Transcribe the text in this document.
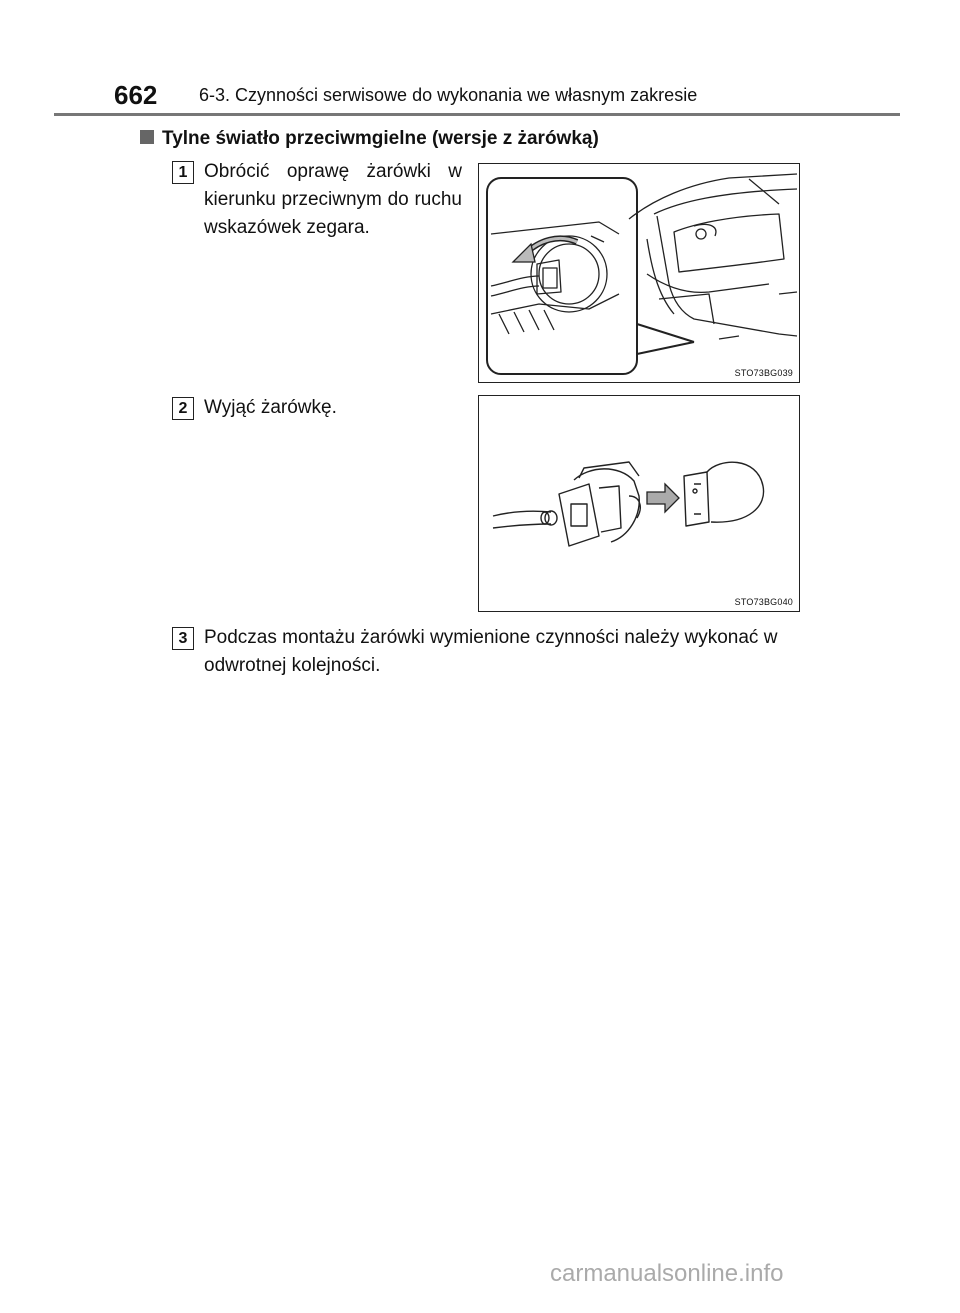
662 6-3. Czynności serwisowe do wykonania we własnym zakresie
Tylne światło przeciwmgielne (wersje z żarówką)
1 Obrócić oprawę żarówki w kierunku przeciwnym do ruchu wskazówek zegara.
STO73BG039
2 Wyjąć żarówkę.
STO73BG040
3 Podczas montażu żarówki wymienione czynności należy wykonać w odwrotnej kolejności.
carmanualsonline.info
